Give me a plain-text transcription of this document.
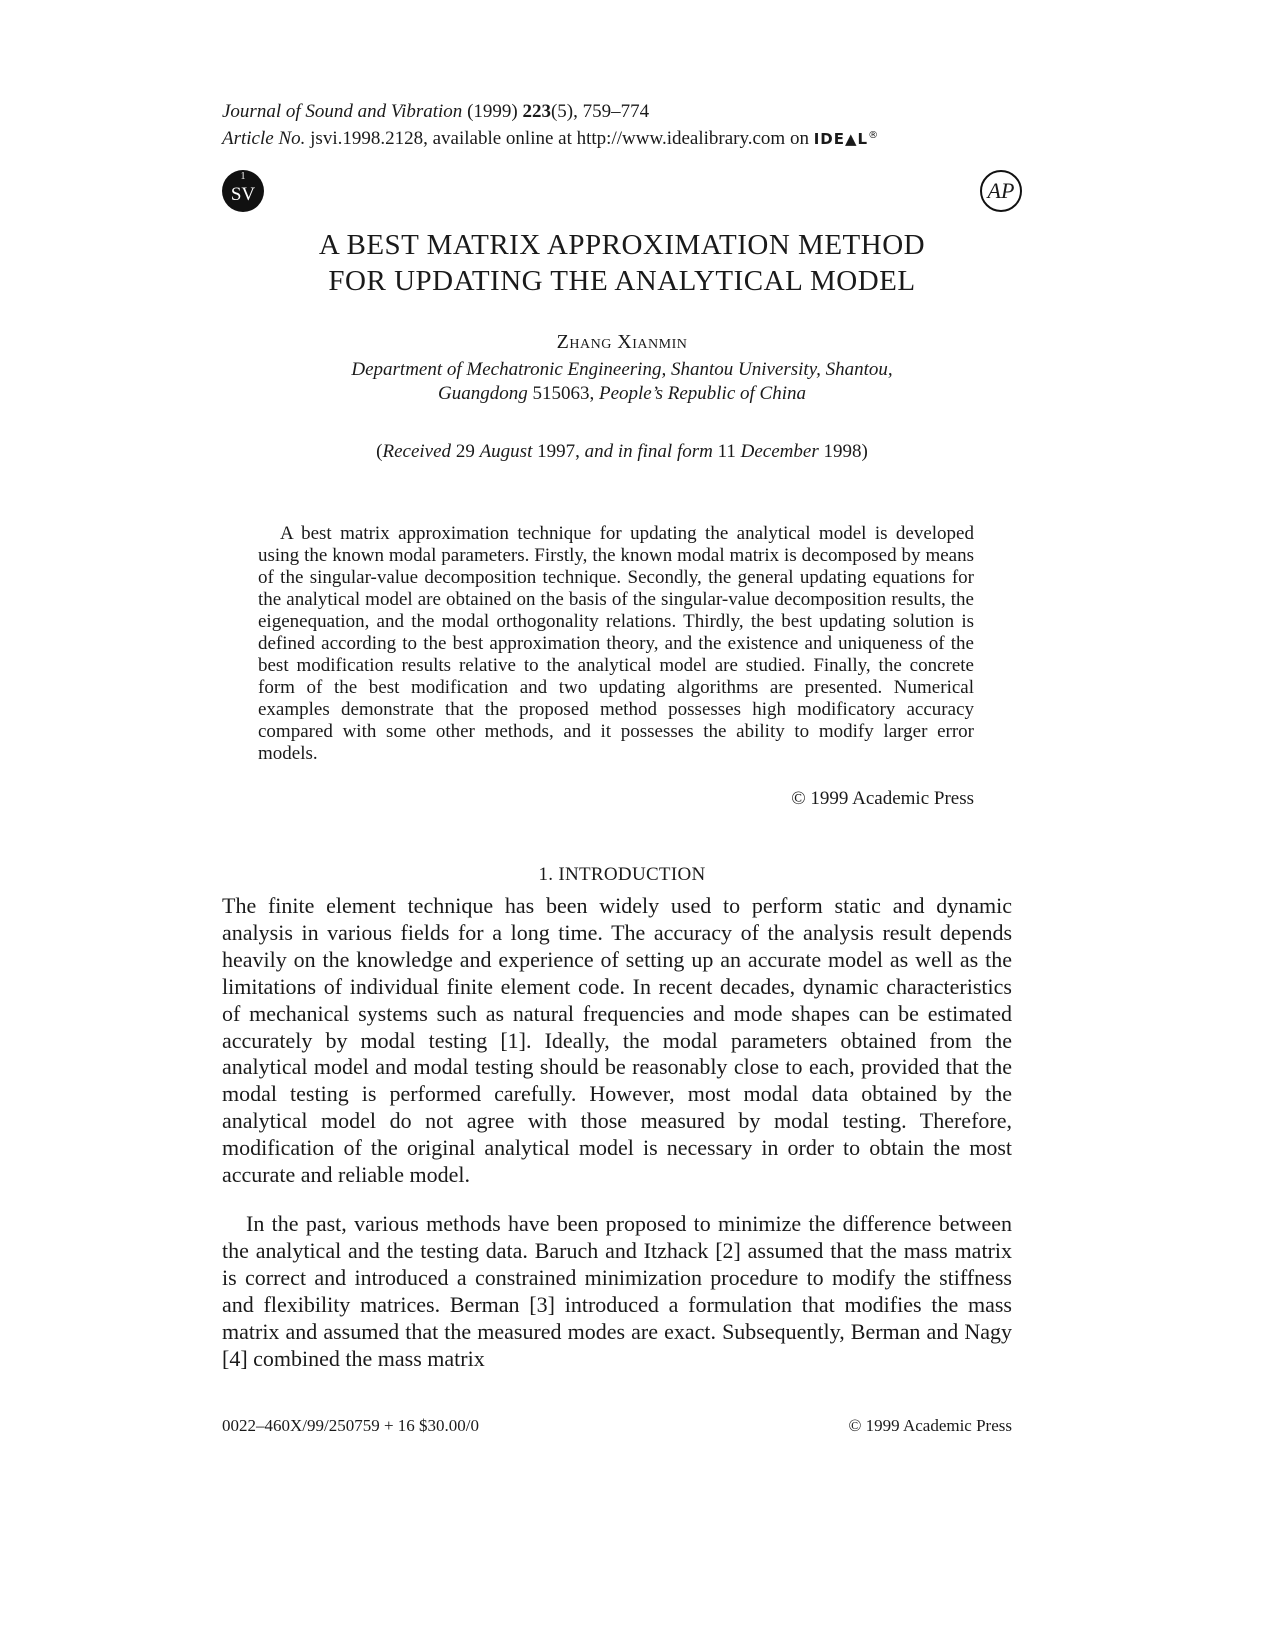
Journal of Sound and Vibration (1999) 223(5), 759–774
Article No. jsvi.1998.2128, available online at http://www.idealibrary.com on IDE▲L®
1
SV	AP
A BEST MATRIX APPROXIMATION METHOD
FOR UPDATING THE ANALYTICAL MODEL
Zhang Xianmin
Department of Mechatronic Engineering, Shantou University, Shantou,
Guangdong 515063, People’s Republic of China
(Received 29 August 1997, and in final form 11 December 1998)

A best matrix approximation technique for updating the analytical model is developed using the known modal parameters. Firstly, the known modal matrix is decomposed by means of the singular-value decomposition technique. Secondly, the general updating equations for the analytical model are obtained on the basis of the singular-value decomposition results, the eigenequation, and the modal orthogonality relations. Thirdly, the best updating solution is defined according to the best approximation theory, and the existence and uniqueness of the best modification results relative to the analytical model are studied. Finally, the concrete form of the best modification and two updating algorithms are presented. Numerical examples demonstrate that the proposed method possesses high modificatory accuracy compared with some other methods, and it possesses the ability to modify larger error models.

© 1999 Academic Press
1. INTRODUCTION

The finite element technique has been widely used to perform static and dynamic analysis in various fields for a long time. The accuracy of the analysis result depends heavily on the knowledge and experience of setting up an accurate model as well as the limitations of individual finite element code. In recent decades, dynamic characteristics of mechanical systems such as natural frequencies and mode shapes can be estimated accurately by modal testing [1]. Ideally, the modal parameters obtained from the analytical model and modal testing should be reasonably close to each, provided that the modal testing is performed carefully. However, most modal data obtained by the analytical model do not agree with those measured by modal testing. Therefore, modification of the original analytical model is necessary in order to obtain the most accurate and reliable model.

In the past, various methods have been proposed to minimize the difference between the analytical and the testing data. Baruch and Itzhack [2] assumed that the mass matrix is correct and introduced a constrained minimization procedure to modify the stiffness and flexibility matrices. Berman [3] introduced a formulation that modifies the mass matrix and assumed that the measured modes are exact. Subsequently, Berman and Nagy [4] combined the mass matrix

0022–460X/99/250759 + 16 $30.00/0	© 1999 Academic Press
